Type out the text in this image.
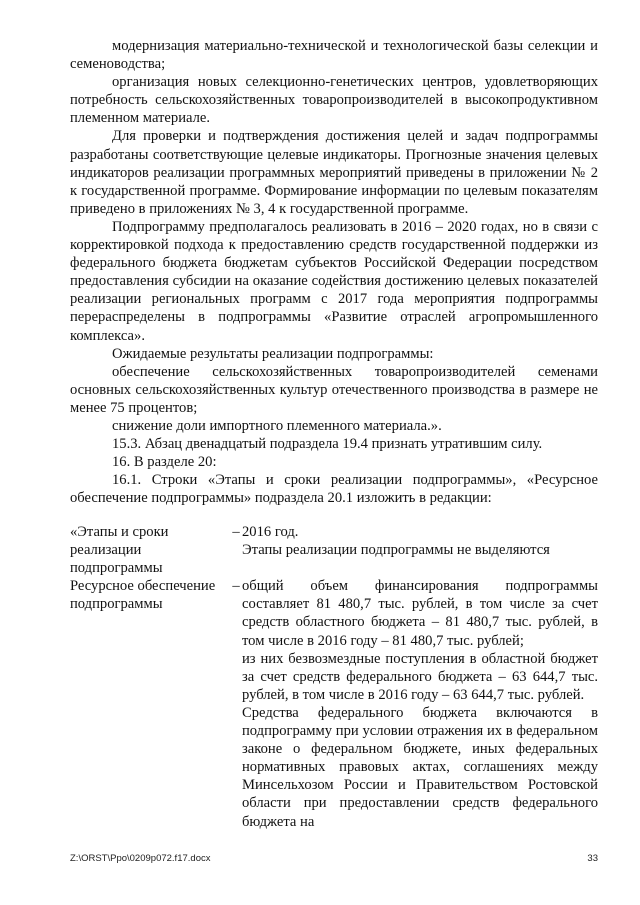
модернизация материально-технической и технологической базы селекции и семеноводства;

организация новых селекционно-генетических центров, удовлетворяющих потребность сельскохозяйственных товаропроизводителей в высокопродуктивном племенном материале.

Для проверки и подтверждения достижения целей и задач подпрограммы разработаны соответствующие целевые индикаторы. Прогнозные значения целевых индикаторов реализации программных мероприятий приведены в приложении № 2 к государственной программе. Формирование информации по целевым показателям приведено в приложениях № 3, 4 к государственной программе.

Подпрограмму предполагалось реализовать в 2016 – 2020 годах, но в связи с корректировкой подхода к предоставлению средств государственной поддержки из федерального бюджета бюджетам субъектов Российской Федерации посредством предоставления субсидии на оказание содействия достижению целевых показателей реализации региональных программ с 2017 года мероприятия подпрограммы перераспределены в подпрограммы «Развитие отраслей агропромышленного комплекса».

Ожидаемые результаты реализации подпрограммы:

обеспечение сельскохозяйственных товаропроизводителей семенами основных сельскохозяйственных культур отечественного производства в размере не менее 75 процентов;

снижение доли импортного племенного материала.».

15.3. Абзац двенадцатый подраздела 19.4 признать утратившим силу.

16. В разделе 20:

16.1. Строки «Этапы и сроки реализации подпрограммы», «Ресурсное обеспечение подпрограммы» подраздела 20.1 изложить в редакции:

«Этапы и сроки реализации подпрограммы
– 2016 год.

Этапы реализации подпрограммы не выделяются

Ресурсное обеспечение подпрограммы
– общий объем финансирования подпрограммы составляет 81 480,7 тыс. рублей, в том числе за счет средств областного бюджета – 81 480,7 тыс. рублей, в том числе в 2016 году – 81 480,7 тыс. рублей;

из них безвозмездные поступления в областной бюджет за счет средств федерального бюджета – 63 644,7 тыс. рублей, в том числе в 2016 году – 63 644,7 тыс. рублей.

Средства федерального бюджета включаются в подпрограмму при условии отражения их в федеральном законе о федеральном бюджете, иных федеральных нормативных правовых актах, соглашениях между Минсельхозом России и Правительством Ростовской области при предоставлении средств федерального бюджета на

Z:\ORST\Ppo\0209p072.f17.docx	33
